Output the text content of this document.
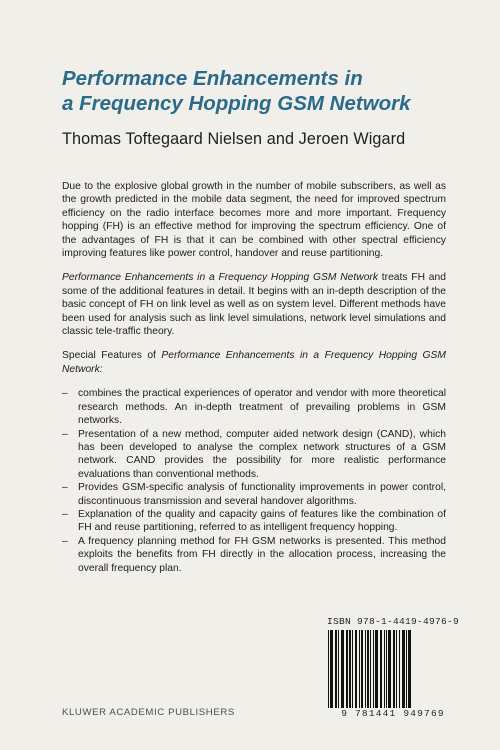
Performance Enhancements in
a Frequency Hopping GSM Network
Thomas Toftegaard Nielsen and Jeroen Wigard

Due to the explosive global growth in the number of mobile subscribers, as well as the growth predicted in the mobile data segment, the need for improved spectrum efficiency on the radio interface becomes more and more important. Frequency hopping (FH) is an effective method for improving the spectrum efficiency. One of the advantages of FH is that it can be combined with other spectral efficiency improving features like power control, handover and reuse partitioning.

Performance Enhancements in a Frequency Hopping GSM Network treats FH and some of the additional features in detail. It begins with an in-depth description of the basic concept of FH on link level as well as on system level. Different methods have been used for analysis such as link level simulations, network level simulations and classic tele-traffic theory.

Special Features of Performance Enhancements in a Frequency Hopping GSM Network:

– combines the practical experiences of operator and vendor with more theoretical research methods. An in-depth treatment of prevailing problems in GSM networks.
– Presentation of a new method, computer aided network design (CAND), which has been developed to analyse the complex network structures of a GSM network. CAND provides the possibility for more realistic performance evaluations than conventional methods.
– Provides GSM-specific analysis of functionality improvements in power control, discontinuous transmission and several handover algorithms.
– Explanation of the quality and capacity gains of features like the combination of FH and reuse partitioning, referred to as intelligent frequency hopping.
– A frequency planning method for FH GSM networks is presented. This method exploits the benefits from FH directly in the allocation process, increasing the overall frequency plan.
ISBN 978-1-4419-4976-9
9 781441 949769
KLUWER ACADEMIC PUBLISHERS
